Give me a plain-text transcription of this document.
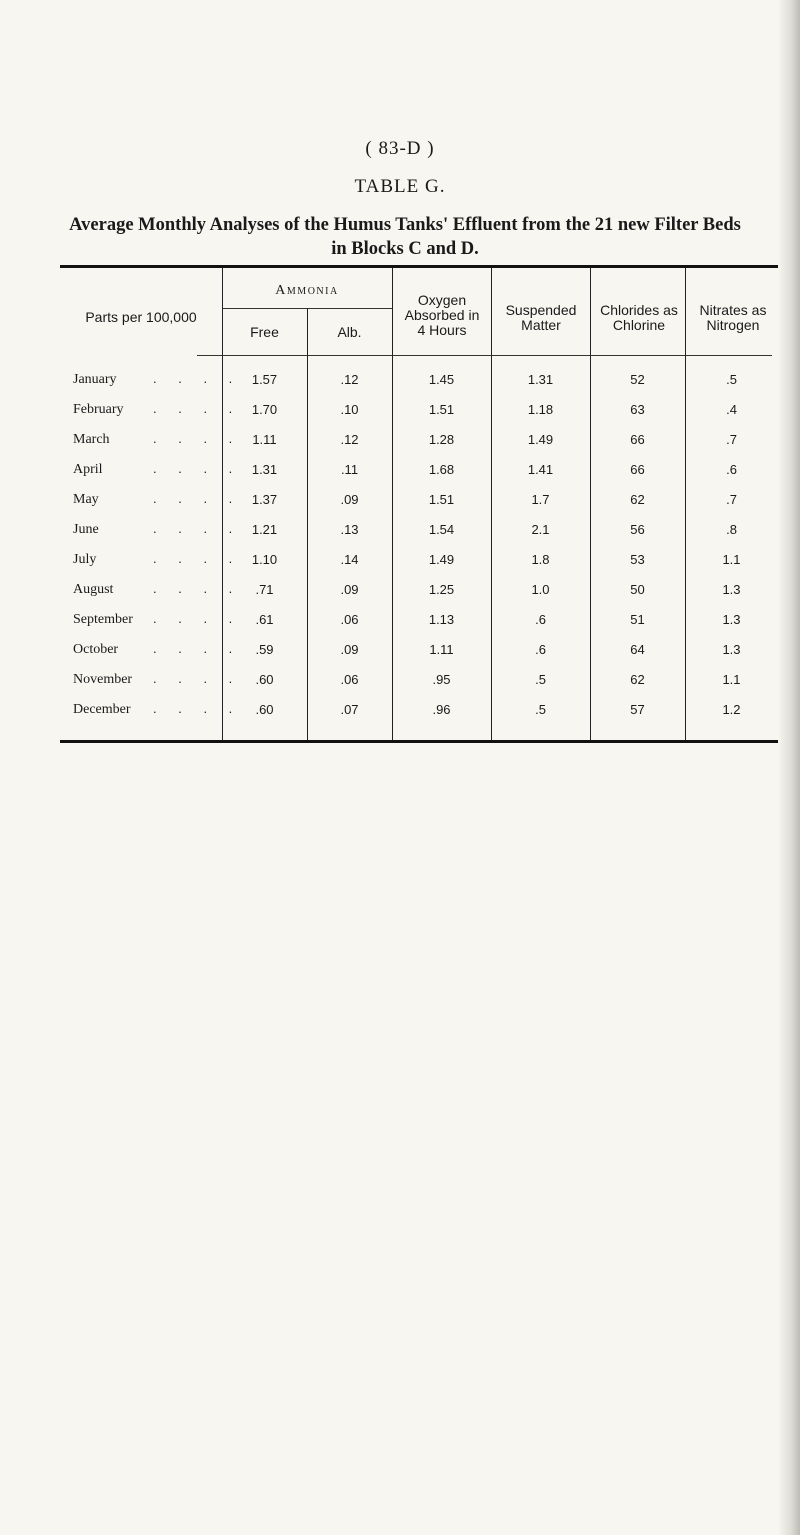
( 83-D )
TABLE G.
Average Monthly Analyses of the Humus Tanks' Effluent from the 21 new Filter Beds in Blocks C and D.
Parts per 100,000
Ammonia
Free	Alb.
Oxygen Absorbed in 4 Hours
Suspended Matter
Chlorides as Chlorine
Nitrates as Nitrogen
January	. . . . 1.57	.12	1.45	1.31	52	.5
February . . . . 1.70	.10	1.51	1.18	63	.4
March	. . . . 1.11	.12	1.28	1.49	66	.7
April	. . . . 1.31	.11	1.68	1.41	66	.6
May	. . . . 1.37	.09	1.51	1.7	62	.7
June	. . . . 1.21	.13	1.54	2.1	56	.8
July	. . . . 1.10	.14	1.49	1.8	53	1.1
August	. . . .	.71	.09	1.25	1.0	50	1.3
September . . . .	.61	.06	1.13	.6	51	1.3
October	. . . .	.59	.09	1.11	.6	64	1.3
November . . . .	.60	.06	.95	.5	62	1.1
December . . . .	.60	.07	.96	.5	57	1.2
